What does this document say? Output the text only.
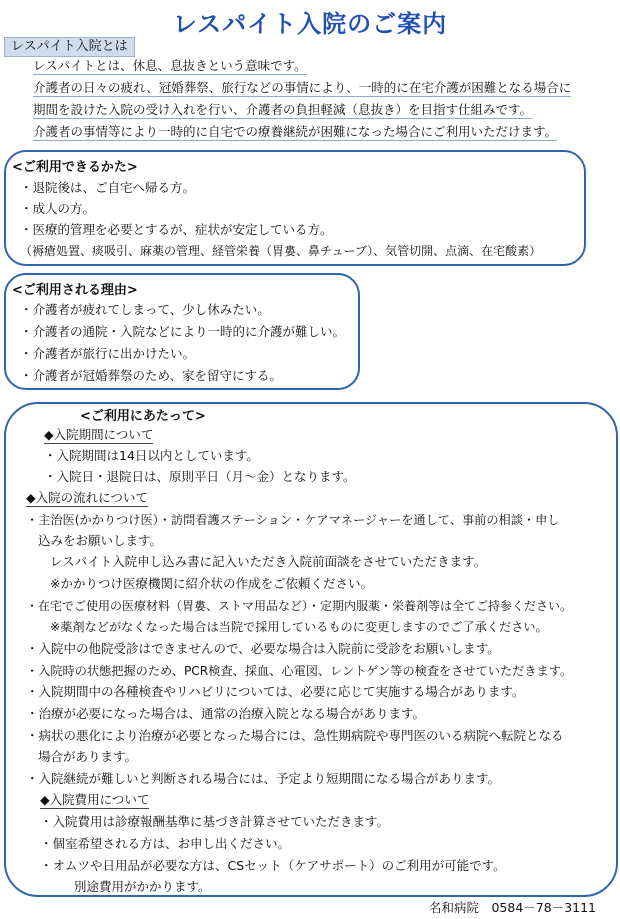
レスパイト入院のご案内
レスパイト入院とは
レスパイトとは、休息、息抜きという意味です。
介護者の日々の疲れ、冠婚葬祭、旅行などの事情により、一時的に在宅介護が困難となる場合に
期間を設けた入院の受け入れを行い、介護者の負担軽減（息抜き）を目指す仕組みです。
介護者の事情等により一時的に自宅での療養継続が困難になった場合にご利用いただけます。
<ご利用できるかた>
・退院後は、ご自宅へ帰る方。
・成人の方。
・医療的管理を必要とするが、症状が安定している方。
（褥瘡処置、痰吸引、麻薬の管理、経管栄養（胃婁、鼻チューブ）、気管切開、点滴、在宅酸素）
<ご利用される理由>
・介護者が疲れてしまって、少し休みたい。
・介護者の通院・入院などにより一時的に介護が難しい。
・介護者が旅行に出かけたい。
・介護者が冠婚葬祭のため、家を留守にする。
<ご利用にあたって>
◆入院期間について
・入院期間は14日以内としています。
・入院日・退院日は、原則平日（月～金）となります。
◆入院の流れについて
・主治医(かかりつけ医）・訪問看護ステーション・ケアマネージャーを通して、事前の相談・申し
込みをお願いします。
レスパイト入院申し込み書に記入いただき入院前面談をさせていただきます。
※かかりつけ医療機関に紹介状の作成をご依頼ください。
・在宅でご使用の医療材料（胃婁、ストマ用品など）・定期内服薬・栄養剤等は全てご持参ください。
※薬剤などがなくなった場合は当院で採用しているものに変更しますのでご了承ください。
・入院中の他院受診はできませんので、必要な場合は入院前に受診をお願いします。
・入院時の状態把握のため、PCR検査、採血、心電図、レントゲン等の検査をさせていただきます。
・入院期間中の各種検査やリハビリについては、必要に応じて実施する場合があります。
・治療が必要になった場合は、通常の治療入院となる場合があります。
・病状の悪化により治療が必要となった場合には、急性期病院や専門医のいる病院へ転院となる
場合があります。
・入院継続が難しいと判断される場合には、予定より短期間になる場合があります。
◆入院費用について
・入院費用は診療報酬基準に基づき計算させていただきます。
・個室希望される方は、お申し出ください。
・オムツや日用品が必要な方は、CSセット（ケアサポート）のご利用が可能です。
別途費用がかかります。
名和病院　0584－78－3111
